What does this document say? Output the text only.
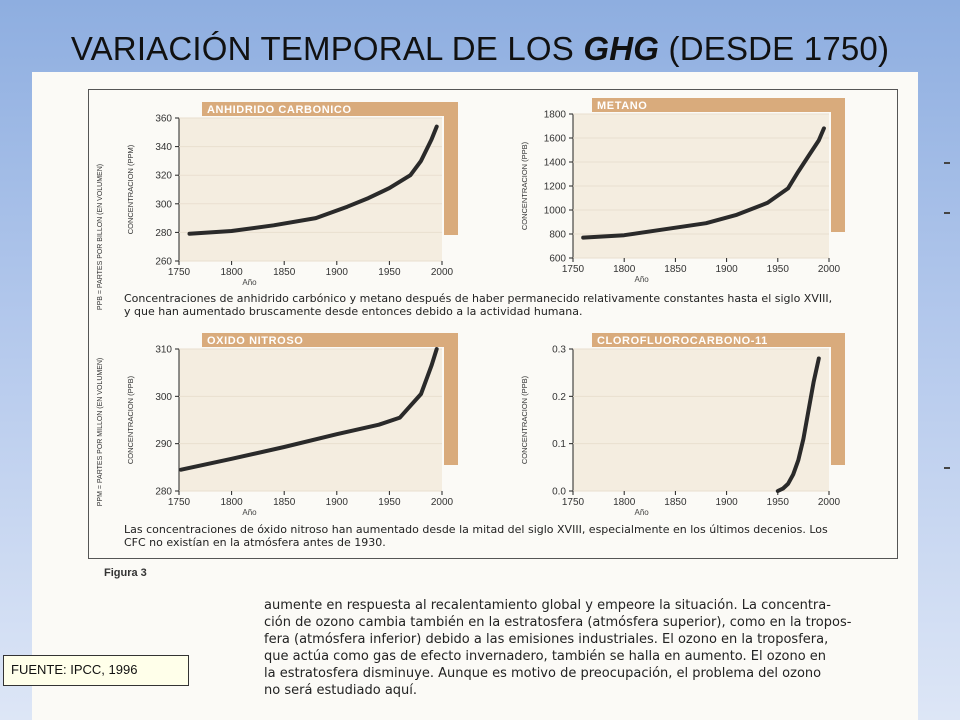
VARIACIÓN TEMPORAL DE LOS GHG (DESDE 1750)
ANHIDRIDO CARBONICO
260
280
300
320
340
360
1750	1800	1850	1900	1950	2000
Año
CONCENTRACION (PPM)
METANO
600
800
1000
1200
1400
1600
1800
1750	1800	1850	1900	1950	2000
Año
CONCENTRACION (PPB)
OXIDO NITROSO
280
290
300
310
1750	1800	1850	1900	1950	2000
Año
CONCENTRACION (PPB)
CLOROFLUOROCARBONO-11
0.0
0.1
0.2
0.3
1750	1800	1850	1900	1950	2000
Año
CONCENTRACION (PPB)
PPB = PARTES POR BILLON (EN VOLUMEN)
PPM = PARTES POR MILLON (EN VOLUMEN)
Concentraciones de anhidrido carbónico y metano después de haber permanecido relativamente constantes hasta el siglo XVIII,
y que han aumentado bruscamente desde entonces debido a la actividad humana.
Las concentraciones de óxido nitroso han aumentado desde la mitad del siglo XVIII, especialmente en los últimos decenios. Los
CFC no existían en la atmósfera antes de 1930.
Figura 3
aumente en respuesta al recalentamiento global y empeore la situación. La concentra-
ción de ozono cambia también en la estratosfera (atmósfera superior), como en la tropos-
fera (atmósfera inferior) debido a las emisiones industriales. El ozono en la troposfera,
que actúa como gas de efecto invernadero, también se halla en aumento. El ozono en
la estratosfera disminuye. Aunque es motivo de preocupación, el problema del ozono
no será estudiado aquí.
FUENTE: IPCC, 1996
